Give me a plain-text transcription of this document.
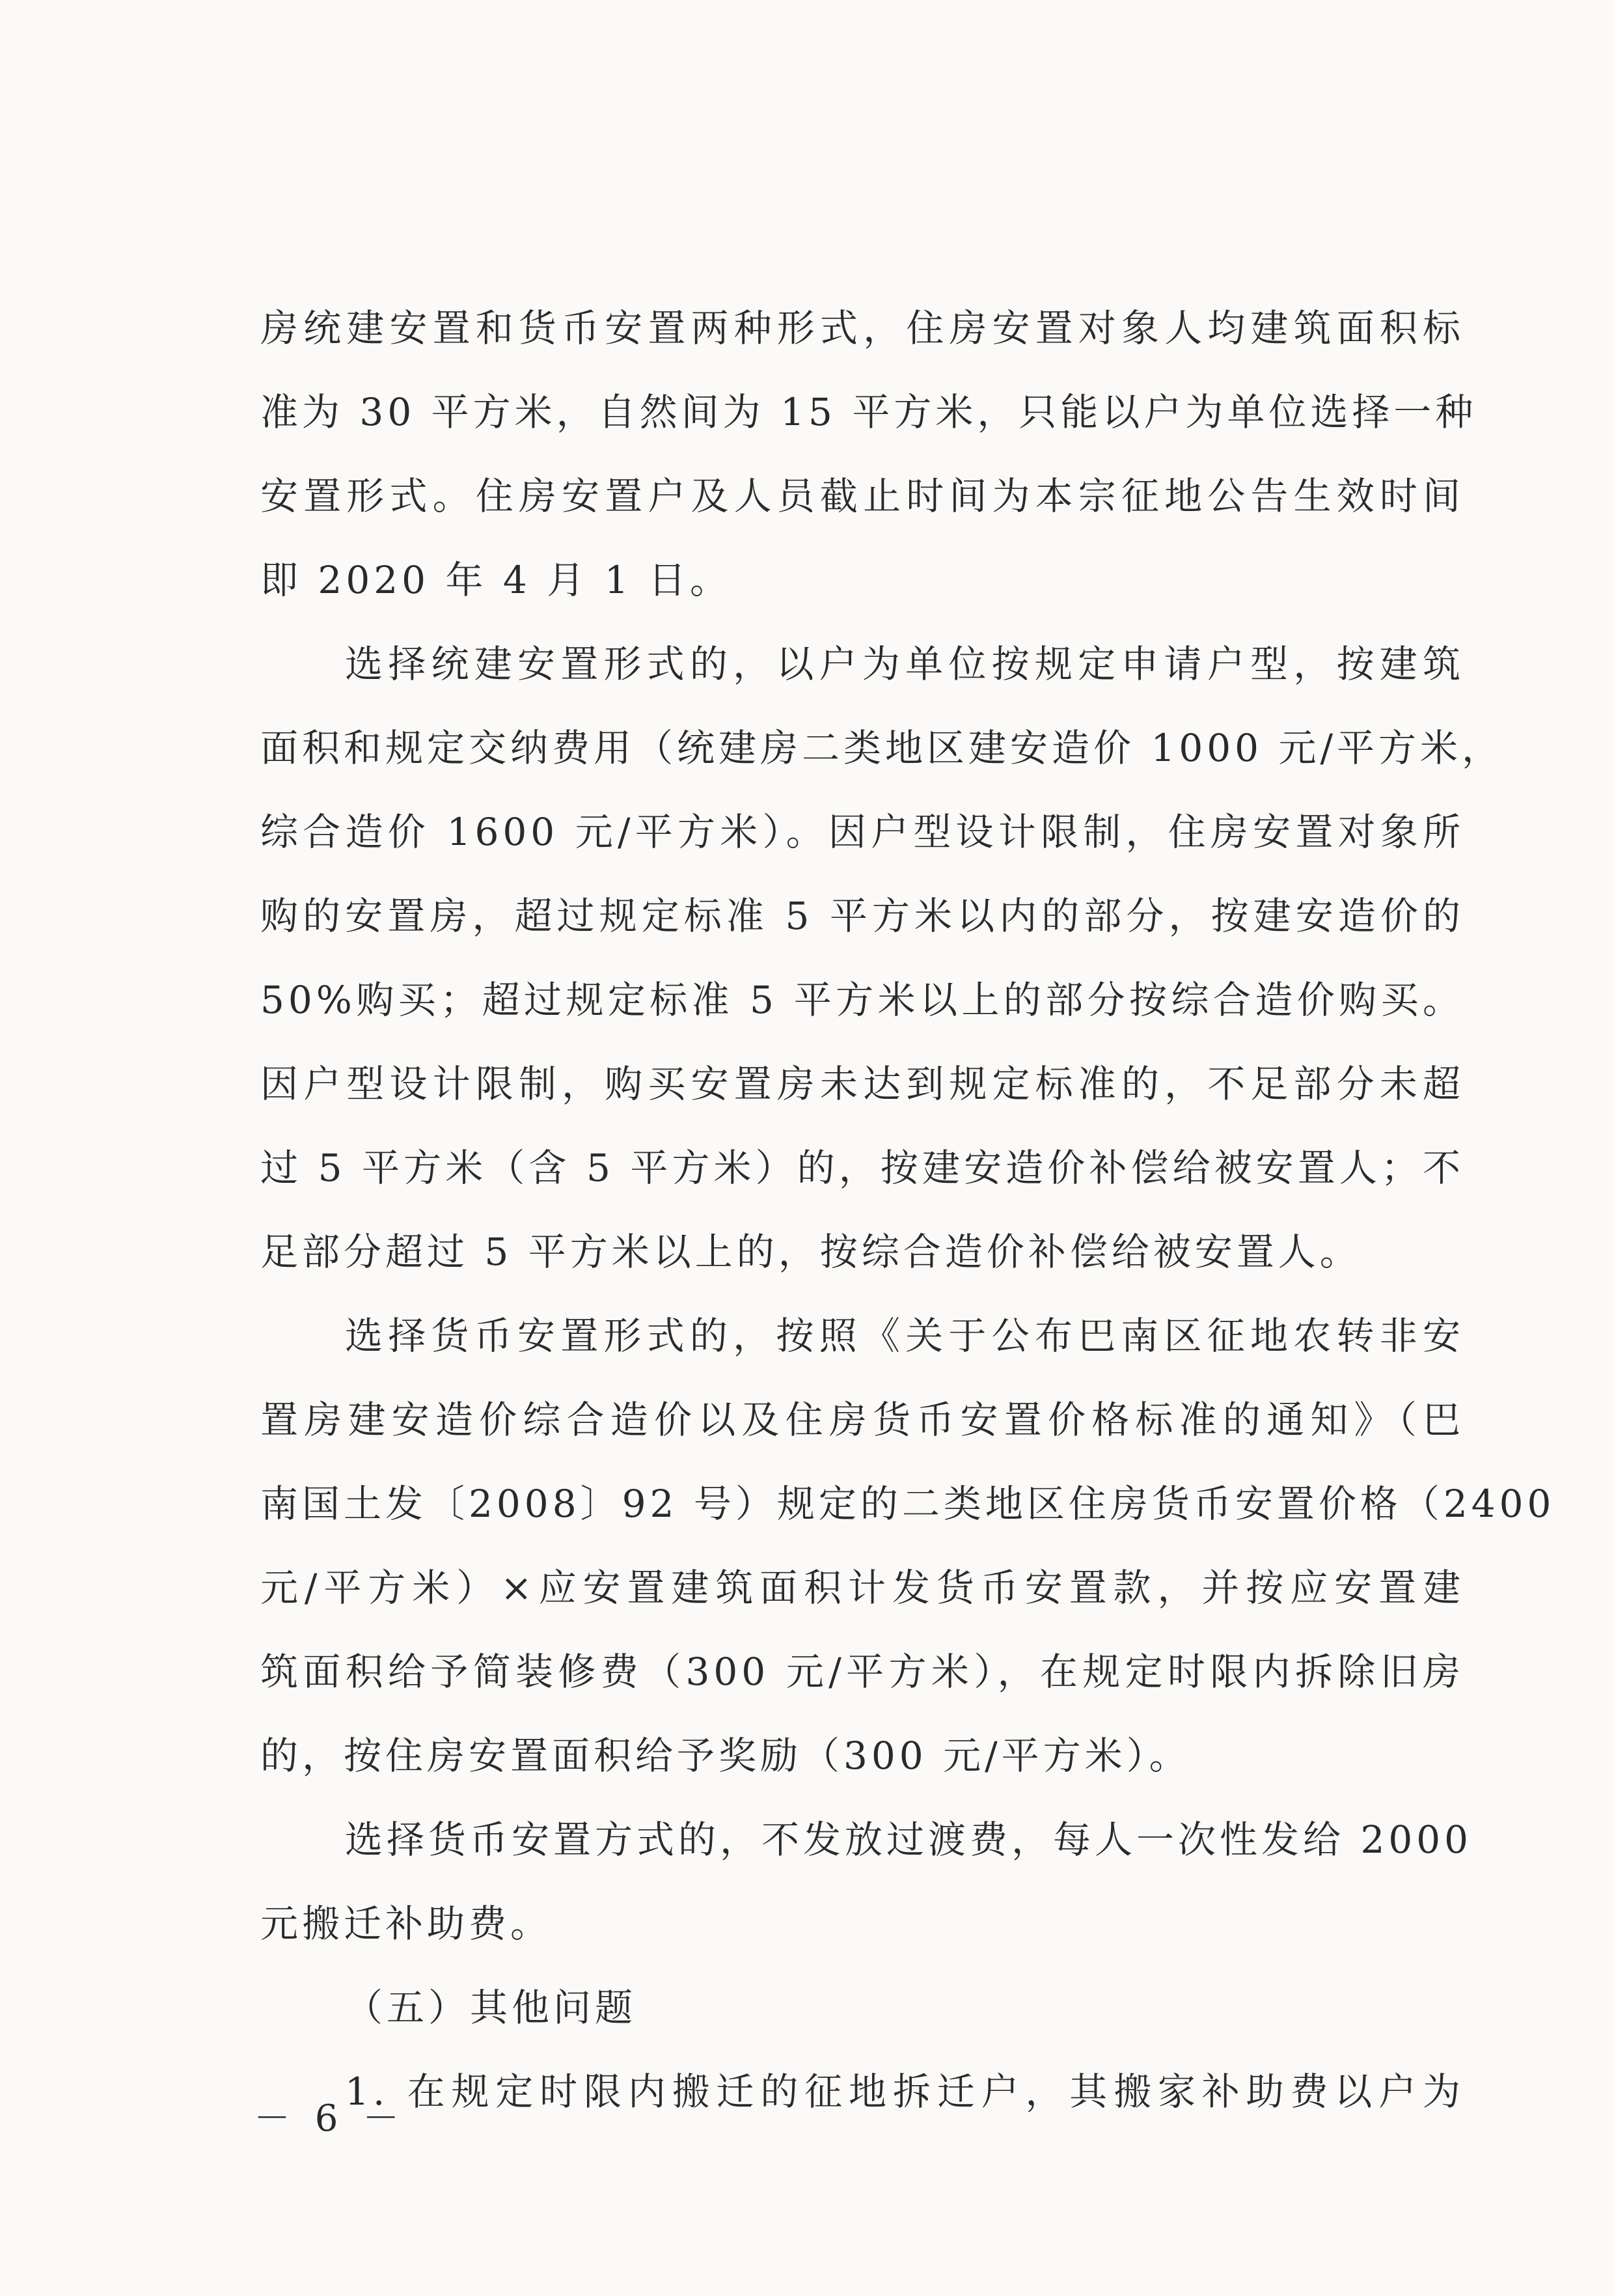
房统建安置和货币安置两种形式，住房安置对象人均建筑面积标
准为 30 平方米，自然间为 15 平方米，只能以户为单位选择一种
安置形式。住房安置户及人员截止时间为本宗征地公告生效时间
即 2020 年 4 月 1 日。
选择统建安置形式的，以户为单位按规定申请户型，按建筑
面积和规定交纳费用（统建房二类地区建安造价 1000 元/平方米，
综合造价 1600 元/平方米）。因户型设计限制，住房安置对象所
购的安置房，超过规定标准 5 平方米以内的部分，按建安造价的
50%购买；超过规定标准 5 平方米以上的部分按综合造价购买。
因户型设计限制，购买安置房未达到规定标准的，不足部分未超
过 5 平方米（含 5 平方米）的，按建安造价补偿给被安置人；不
足部分超过 5 平方米以上的，按综合造价补偿给被安置人。
选择货币安置形式的，按照《关于公布巴南区征地农转非安
置房建安造价综合造价以及住房货币安置价格标准的通知》（巴
南国土发〔2008〕92 号）规定的二类地区住房货币安置价格（2400
元/平方米）×应安置建筑面积计发货币安置款，并按应安置建
筑面积给予简装修费（300 元/平方米），在规定时限内拆除旧房
的，按住房安置面积给予奖励（300 元/平方米）。
选择货币安置方式的，不发放过渡费，每人一次性发给 2000
元搬迁补助费。
（五）其他问题
1. 在规定时限内搬迁的征地拆迁户，其搬家补助费以户为
－ 6 －
